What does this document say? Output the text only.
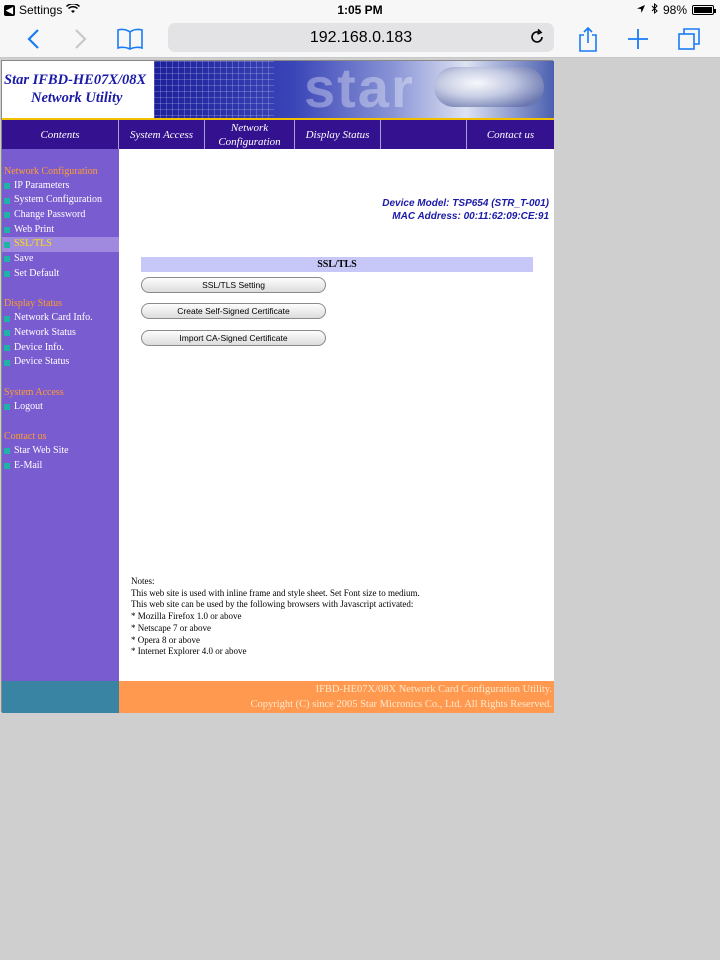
◀ Settings	1:05 PM	98%
192.168.0.183
Star IFBD-HE07X/08X
Network Utility	star
Contents	System Access
Network Configuration
Display Status	Contact us
Network Configuration
IP Parameters
System Configuration
Change Password
Web Print
SSL/TLS
Save
Set Default
Display Status
Network Card Info.
Network Status
Device Info.
Device Status
System Access
Logout
Contact us
Star Web Site
E-Mail
Device Model: TSP654 (STR_T-001)
MAC Address: 00:11:62:09:CE:91
SSL/TLS
SSL/TLS Setting
Create Self-Signed Certificate
Import CA-Signed Certificate
Notes:
This web site is used with inline frame and style sheet. Set Font size to medium.
This web site can be used by the following browsers with Javascript activated:
* Mozilla Firefox 1.0 or above
* Netscape 7 or above
* Opera 8 or above
* Internet Explorer 4.0 or above
IFBD-HE07X/08X Network Card Configuration Utility.
Copyright (C) since 2005 Star Micronics Co., Ltd. All Rights Reserved.
